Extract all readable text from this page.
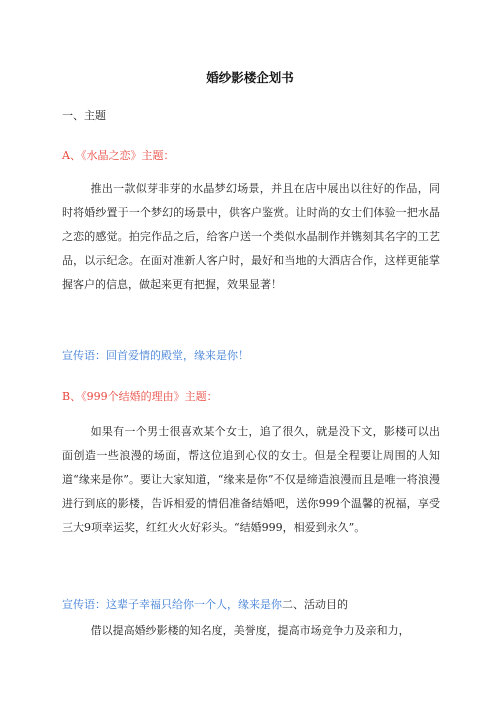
婚纱影楼企划书
一、主题
A、《水晶之恋》主题：

推出一款似芽非芽的水晶梦幻场景，并且在店中展出以往好的作品，同时将婚纱置于一个梦幻的场景中，供客户鉴赏。让时尚的女士们体验一把水晶之恋的感觉。拍完作品之后，给客户送一个类似水晶制作并镌刻其名字的工艺品，以示纪念。在面对准新人客户时，最好和当地的大酒店合作，这样更能掌握客户的信息，做起来更有把握，效果显著！

宣传语：回首爱情的殿堂，缘来是你！
B、《999个结婚的理由》主题：

如果有一个男士很喜欢某个女士，追了很久，就是没下文，影楼可以出面创造一些浪漫的场面，帮这位追到心仪的女士。但是全程要让周围的人知道“缘来是你”。要让大家知道，“缘来是你”不仅是缔造浪漫而且是唯一将浪漫进行到底的影楼，告诉相爱的情侣准备结婚吧，送你999个温馨的祝福，享受三大9项幸运奖，红红火火好彩头。“结婚999，相爱到永久”。

宣传语：这辈子幸福只给你一个人，缘来是你二、活动目的

借以提高婚纱影楼的知名度，美誉度，提高市场竞争力及亲和力，
